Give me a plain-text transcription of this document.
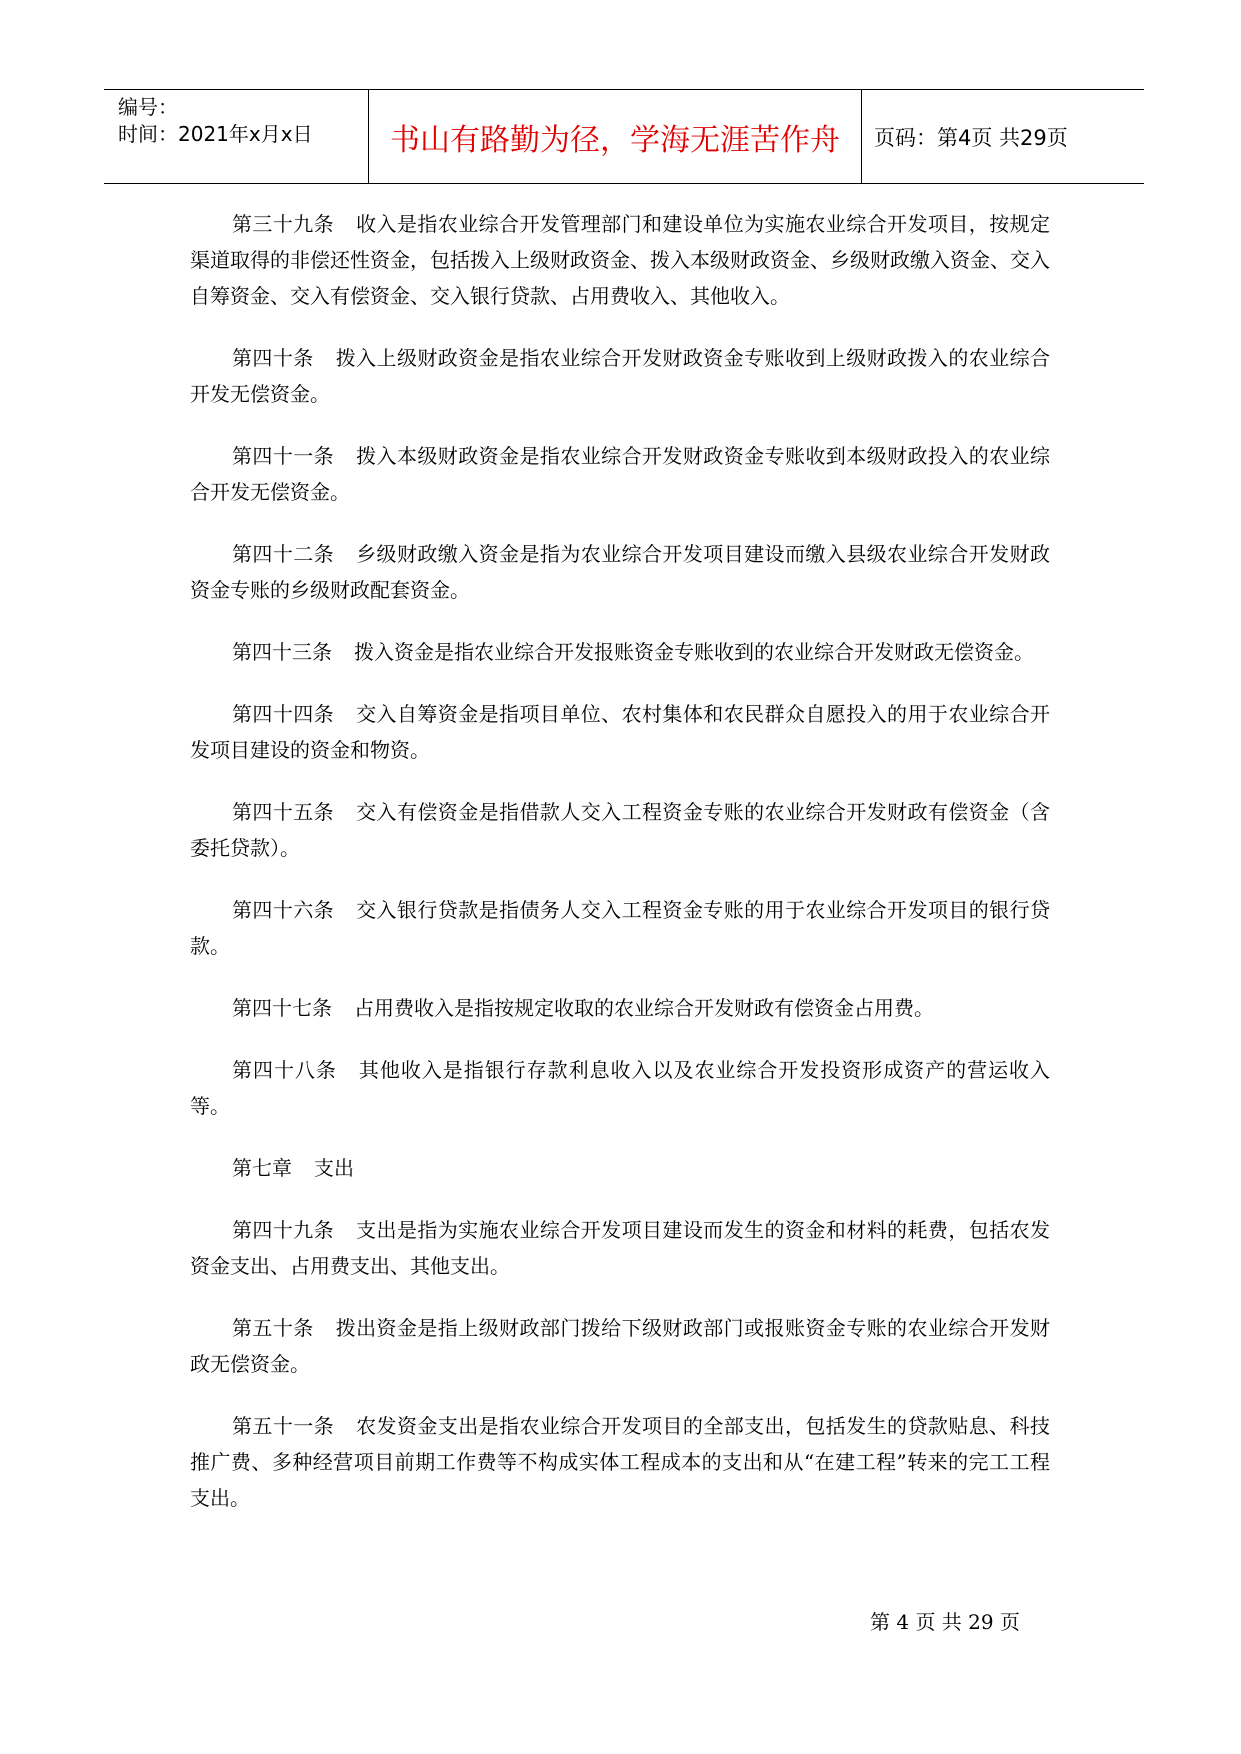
编号：
时间：2021年x月x日	书山有路勤为径，学海无涯苦作舟	页码：第4页 共29页

第三十九条 收入是指农业综合开发管理部门和建设单位为实施农业综合开发项目，按规定渠道取得的非偿还性资金，包括拨入上级财政资金、拨入本级财政资金、乡级财政缴入资金、交入自筹资金、交入有偿资金、交入银行贷款、占用费收入、其他收入。

第四十条 拨入上级财政资金是指农业综合开发财政资金专账收到上级财政拨入的农业综合开发无偿资金。

第四十一条 拨入本级财政资金是指农业综合开发财政资金专账收到本级财政投入的农业综合开发无偿资金。

第四十二条 乡级财政缴入资金是指为农业综合开发项目建设而缴入县级农业综合开发财政资金专账的乡级财政配套资金。

第四十三条 拨入资金是指农业综合开发报账资金专账收到的农业综合开发财政无偿资金。

第四十四条 交入自筹资金是指项目单位、农村集体和农民群众自愿投入的用于农业综合开发项目建设的资金和物资。

第四十五条 交入有偿资金是指借款人交入工程资金专账的农业综合开发财政有偿资金（含委托贷款）。

第四十六条 交入银行贷款是指债务人交入工程资金专账的用于农业综合开发项目的银行贷款。

第四十七条 占用费收入是指按规定收取的农业综合开发财政有偿资金占用费。

第四十八条 其他收入是指银行存款利息收入以及农业综合开发投资形成资产的营运收入等。

第七章 支出

第四十九条 支出是指为实施农业综合开发项目建设而发生的资金和材料的耗费，包括农发资金支出、占用费支出、其他支出。

第五十条 拨出资金是指上级财政部门拨给下级财政部门或报账资金专账的农业综合开发财政无偿资金。

第五十一条 农发资金支出是指农业综合开发项目的全部支出，包括发生的贷款贴息、科技推广费、多种经营项目前期工作费等不构成实体工程成本的支出和从“在建工程”转来的完工工程支出。

第 4 页 共 29 页
